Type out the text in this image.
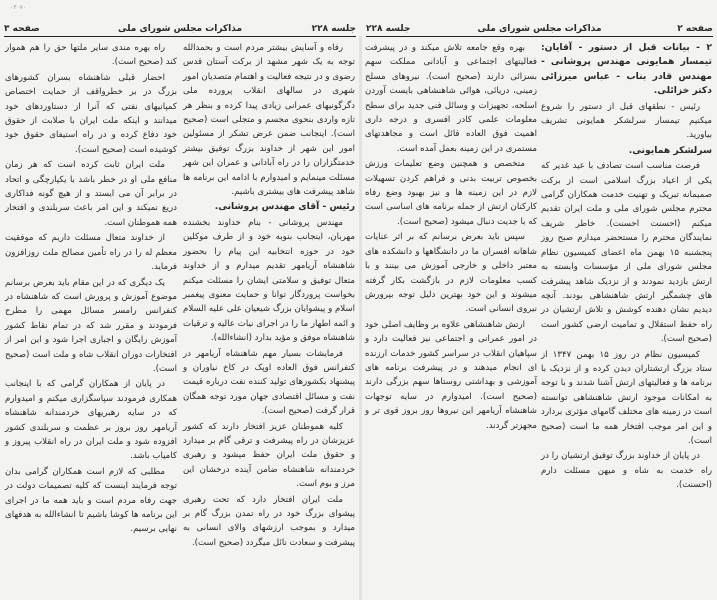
۰۳۰۷۰
مذاکرات مجلس شورای ملی	جلسه ۲۲۸
صفحه ۳

رفاه و آسایش بیشتر مردم است و بحمدالله توجه به یک شهر مشهد از برکت آستان قدس رضوی و در نتیجه فعالیت و اهتمام متصدیان امور شهری در سالهای انقلاب پرورده ملی دگرگونیهای عمرانی زیادی پیدا کرده و بنظر هر تازه واردی بنحوی مجسم و متجلی است (صحیح است). اینجانب ضمن عرض تشکر از مسئولین امور این شهر از خداوند بزرگ توفیق بیشتر خدمتگزاران را در راه آبادانی و عمران این شهر مسئلت مینمایم و امیدوارم با ادامه این برنامه ها شاهد پیشرفت های بیشتری باشیم.

رئیس - آقای مهندس پروشانی.

مهندس پروشانی - بنام خداوند بخشنده مهربان، اینجانب بنوبه خود و از طرف موکلین خود در حوزه انتخابیه این پیام را بحضور شاهنشاه آریامهر تقدیم میدارم و از خداوند متعال توفیق و سلامتی ایشان را مسئلت میکنم بخواست پروردگار توانا و حمایت معنوی پیغمبر اسلام و پیشوایان بزرگ شیعیان علی علیه السلام و ائمه اطهار ما را در اجرای نیات عالیه و ترقیات شاهنشاه موفق و مؤید بدارد (انشاءالله).

فرمایشات بسیار مهم شاهنشاه آریامهر در کنفرانس فوق العاده اوپک در کاخ نیاوران و پیشنهاد بکشورهای تولید کننده نفت درباره قیمت نفت و مسائل اقتصادی جهان مورد توجه همگان قرار گرفت (صحیح است).

کلیه هموطنان عزیز افتخار دارند که کشور عزیزشان در راه پیشرفت و ترقی گام بر میدارد و حقوق ملت ایران حفظ میشود و رهبری خردمندانه شاهنشاه ضامن آینده درخشان این مرز و بوم است.

ملت ایران افتخار دارد که تحت رهبری پیشوای بزرگ خود در راه تمدن بزرگ گام بر میدارد و بموجب ارزشهای والای انسانی به پیشرفت و سعادت نائل میگردد (صحیح است).

راه بهره مندی سایر ملتها حق را هم هموار کند (صحیح است).

احضار قبلی شاهنشاه بسران کشورهای بزرگ در بر خطرواقف از حمایت اختصاص کمپانیهای نفتی که آنرا از دستاوردهای خود میدانند و اینکه ملت ایران با صلابت از حقوق خود دفاع کرده و در راه استیفای حقوق خود کوشیده است (صحیح است).

ملت ایران ثابت کرده است که هر زمان منافع ملی او در خطر باشد با یکپارچگی و اتحاد در برابر آن می ایستد و از هیچ گونه فداکاری دریغ نمیکند و این امر باعث سربلندی و افتخار همه هموطنان است.

از خداوند متعال مسئلت داریم که موفقیت معظم له را در راه تأمین مصالح ملت روزافزون فرماید.

یک دیگری که در این مقام باید بعرض برسانم موضوع آموزش و پرورش است که شاهنشاه در کنفرانس رامسر مسائل مهمی را مطرح فرمودند و مقرر شد که در تمام نقاط کشور آموزش رایگان و اجباری اجرا شود و این امر از افتخارات دوران انقلاب شاه و ملت است (صحیح است).

در پایان از همکاران گرامی که با اینجانب همکاری فرمودند سپاسگزاری میکنم و امیدوارم که در سایه رهبریهای خردمندانه شاهنشاه آریامهر روز بروز بر عظمت و سربلندی کشور افزوده شود و ملت ایران در راه انقلاب پیروز و کامیاب باشد.

مطلبی که لازم است همکاران گرامی بدان توجه فرمایند اینست که کلیه تصمیمات دولت در جهت رفاه مردم است و باید همه ما در اجرای این برنامه ها کوشا باشیم تا انشاءالله به هدفهای نهایی برسیم.

مذاکرات مجلس شورای ملی	صفحه ۲
جلسه ۲۲۸

۲ - بیانات قبل از دستور - آقایان: تیمسار همایونی مهندس پروشانی - مهندس قادر بناب - عباس میرزائی دکتر خزائلی.

رئیس - نطقهای قبل از دستور را شروع میکنیم تیمسار سرلشکر همایونی تشریف بیاورید.

سرلشکر همایونی.

فرصت مناسب است تصادف با عید غدیر که یکی از اعیاد بزرگ اسلامی است از برکت صمیمانه تبریک و تهنیت خدمت همکاران گرامی محترم مجلس شورای ملی و ملت ایران تقدیم میکنم (احسنت احسنت). خاطر شریف نمایندگان محترم را مستحضر میدارم صبح روز پنجشنبه ۱۵ بهمن ماه اعضای کمیسیون نظام مجلس شورای ملی از مؤسسات وابسته به ارتش بازدید نمودند و از نزدیک شاهد پیشرفت های چشمگیر ارتش شاهنشاهی بودند. آنچه دیدیم نشان دهنده کوشش و تلاش ارتشیان در راه حفظ استقلال و تمامیت ارضی کشور است (صحیح است).

کمیسیون نظام در روز ۱۵ بهمن ۱۳۴۷ از ستاد بزرگ ارتشتاران دیدن کرده و از نزدیک با برنامه ها و فعالیتهای ارتش آشنا شدند و با توجه به امکانات موجود ارتش شاهنشاهی توانسته است در زمینه های مختلف گامهای مؤثری بردارد و این امر موجب افتخار همه ما است (صحیح است).

در پایان از خداوند بزرگ توفیق ارتشیان را در راه خدمت به شاه و میهن مسئلت دارم (احسنت).

بهره وقع جامعه تلاش میکند و در پیشرفت فعالیتهای اجتماعی و آبادانی مملکت سهم بسزائی دارند (صحیح است). نیروهای مسلح زمینی، دریائی، هوائی شاهنشاهی بایست آوردن اسلحه، تجهیزات و وسائل فنی جدید برای سطح معلومات علمی کادر افسری و درجه داری اهمیت فوق العاده قائل است و مجاهدتهای مستمری در این زمینه بعمل آمده است.

متخصص و همچنین وضع تعلیمات ورزش بخصوص تربیت بدنی و فراهم کردن تسهیلات لازم در این زمینه ها و نیز بهبود وضع رفاه کارکنان ارتش از جمله برنامه های اساسی است که با جدیت دنبال میشود (صحیح است).

سپس باید بعرض برسانم که بر اثر عنایات شاهانه افسران ما در دانشگاهها و دانشکده های معتبر داخلی و خارجی آموزش می بینند و با کسب معلومات لازم در بازگشت بکار گرفته میشوند و این خود بهترین دلیل توجه بپرورش نیروی انسانی است.

ارتش شاهنشاهی علاوه بر وظایف اصلی خود در امور عمرانی و اجتماعی نیز فعالیت دارد و سپاهیان انقلاب در سراسر کشور خدمات ارزنده ای انجام میدهند و در پیشرفت برنامه های آموزشی و بهداشتی روستاها سهم بزرگی دارند (صحیح است). امیدوارم در سایه توجهات شاهنشاه آریامهر این نیروها روز بروز قوی تر و مجهزتر گردند.
